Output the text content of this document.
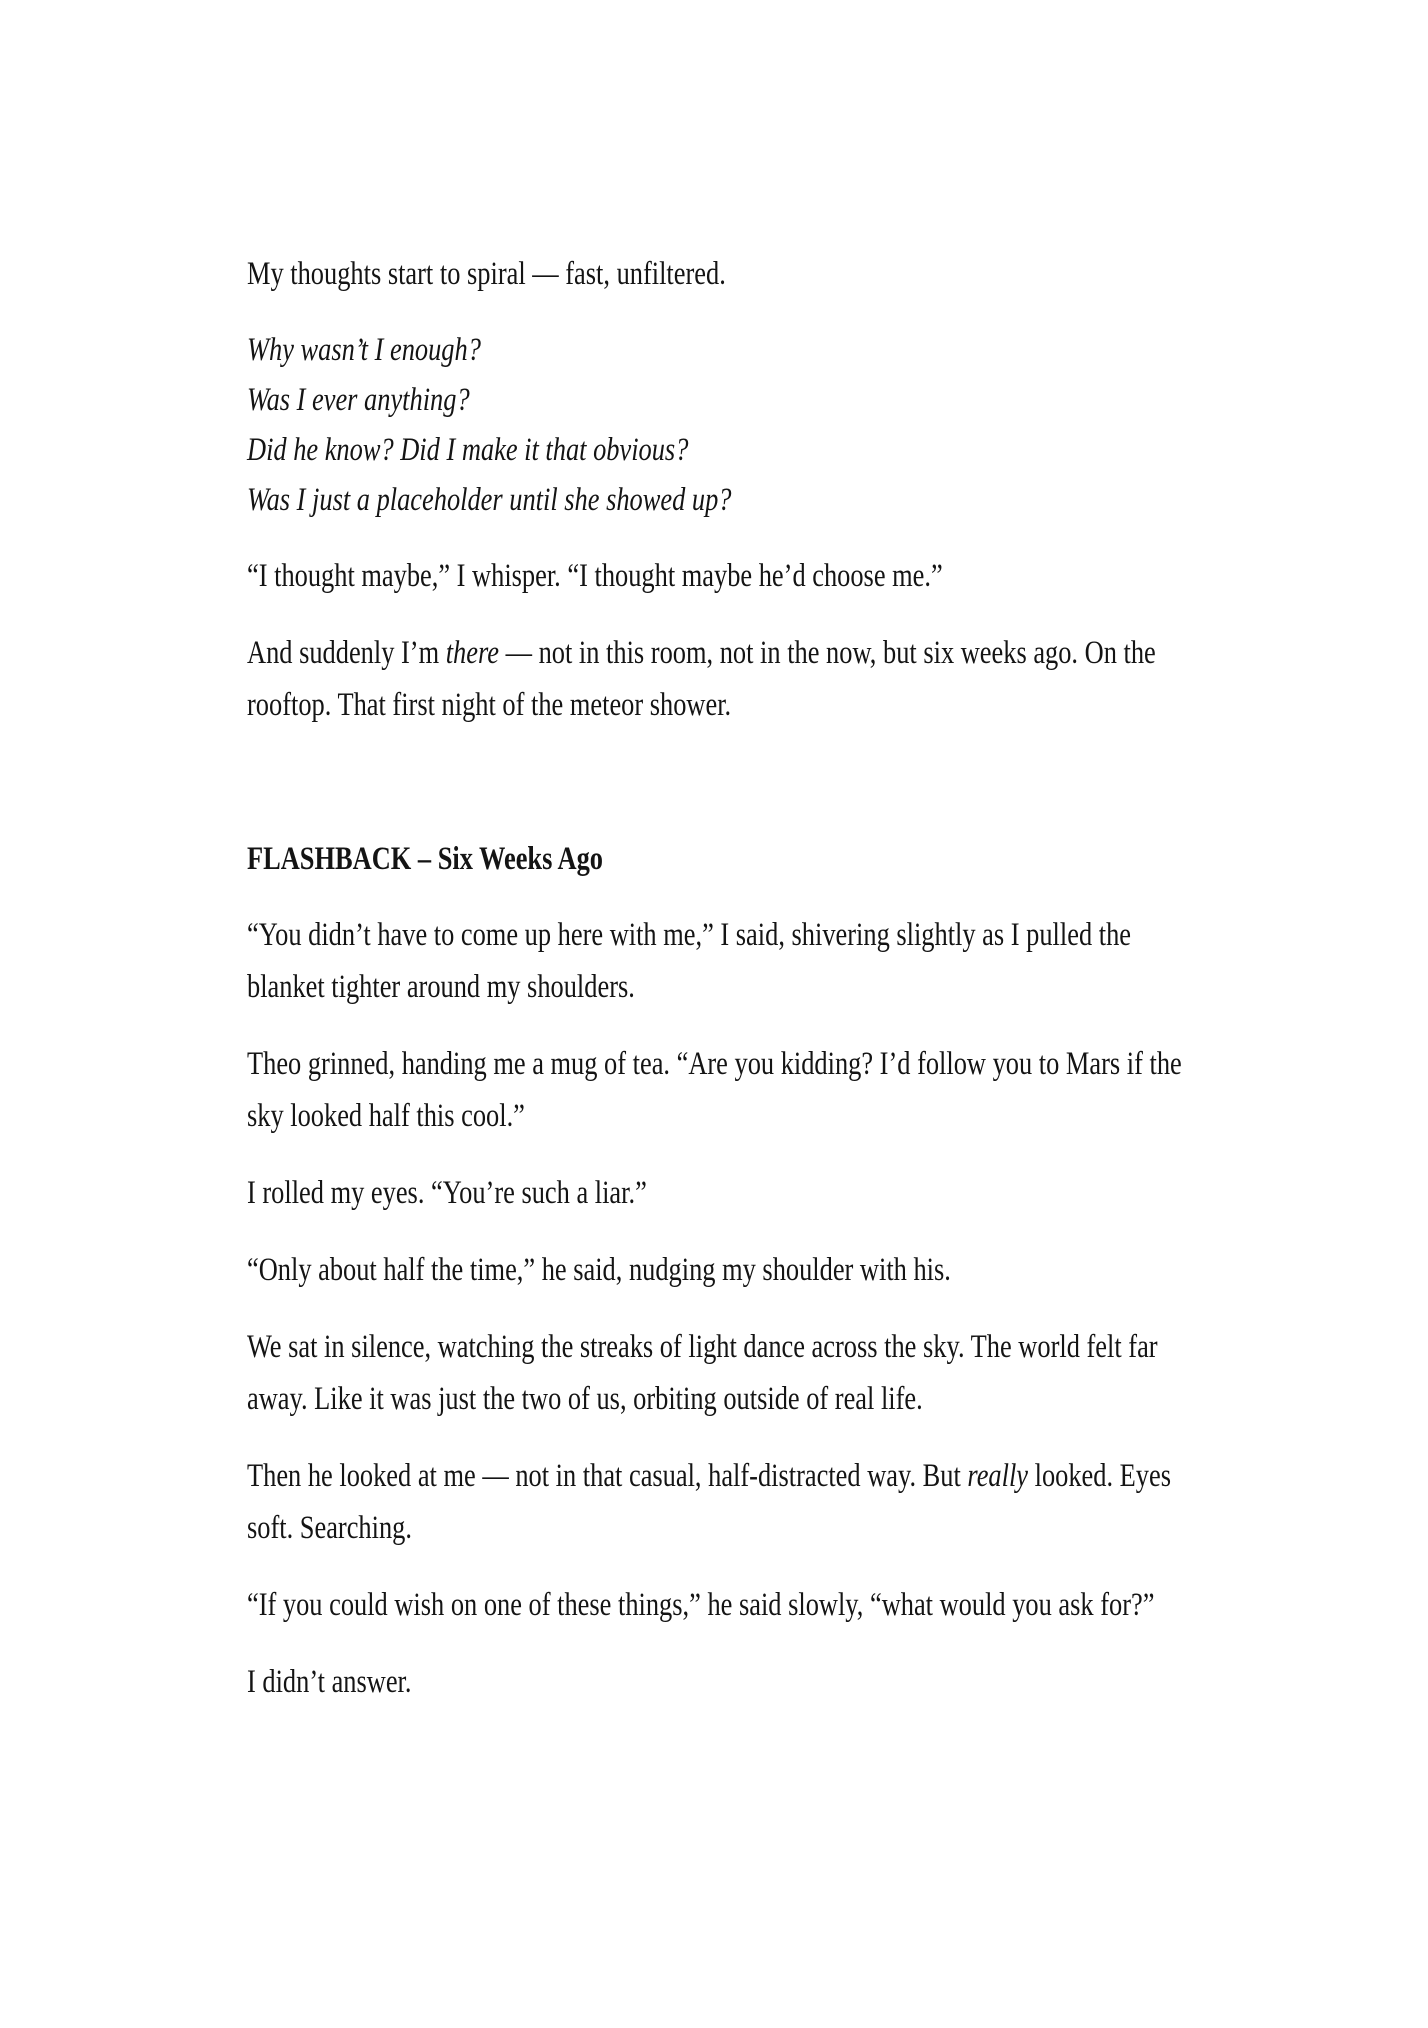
My thoughts start to spiral — fast, unfiltered.

Why wasn’t I enough?

Was I ever anything?

Did he know? Did I make it that obvious?

Was I just a placeholder until she showed up?

“I thought maybe,” I whisper. “I thought maybe he’d choose me.”

And suddenly I’m there — not in this room, not in the now, but six weeks ago. On the rooftop. That first night of the meteor shower.

FLASHBACK – Six Weeks Ago

“You didn’t have to come up here with me,” I said, shivering slightly as I pulled the blanket tighter around my shoulders.

Theo grinned, handing me a mug of tea. “Are you kidding? I’d follow you to Mars if the sky looked half this cool.”

I rolled my eyes. “You’re such a liar.”

“Only about half the time,” he said, nudging my shoulder with his.

We sat in silence, watching the streaks of light dance across the sky. The world felt far away. Like it was just the two of us, orbiting outside of real life.

Then he looked at me — not in that casual, half-distracted way. But really looked. Eyes soft. Searching.

“If you could wish on one of these things,” he said slowly, “what would you ask for?”

I didn’t answer.
